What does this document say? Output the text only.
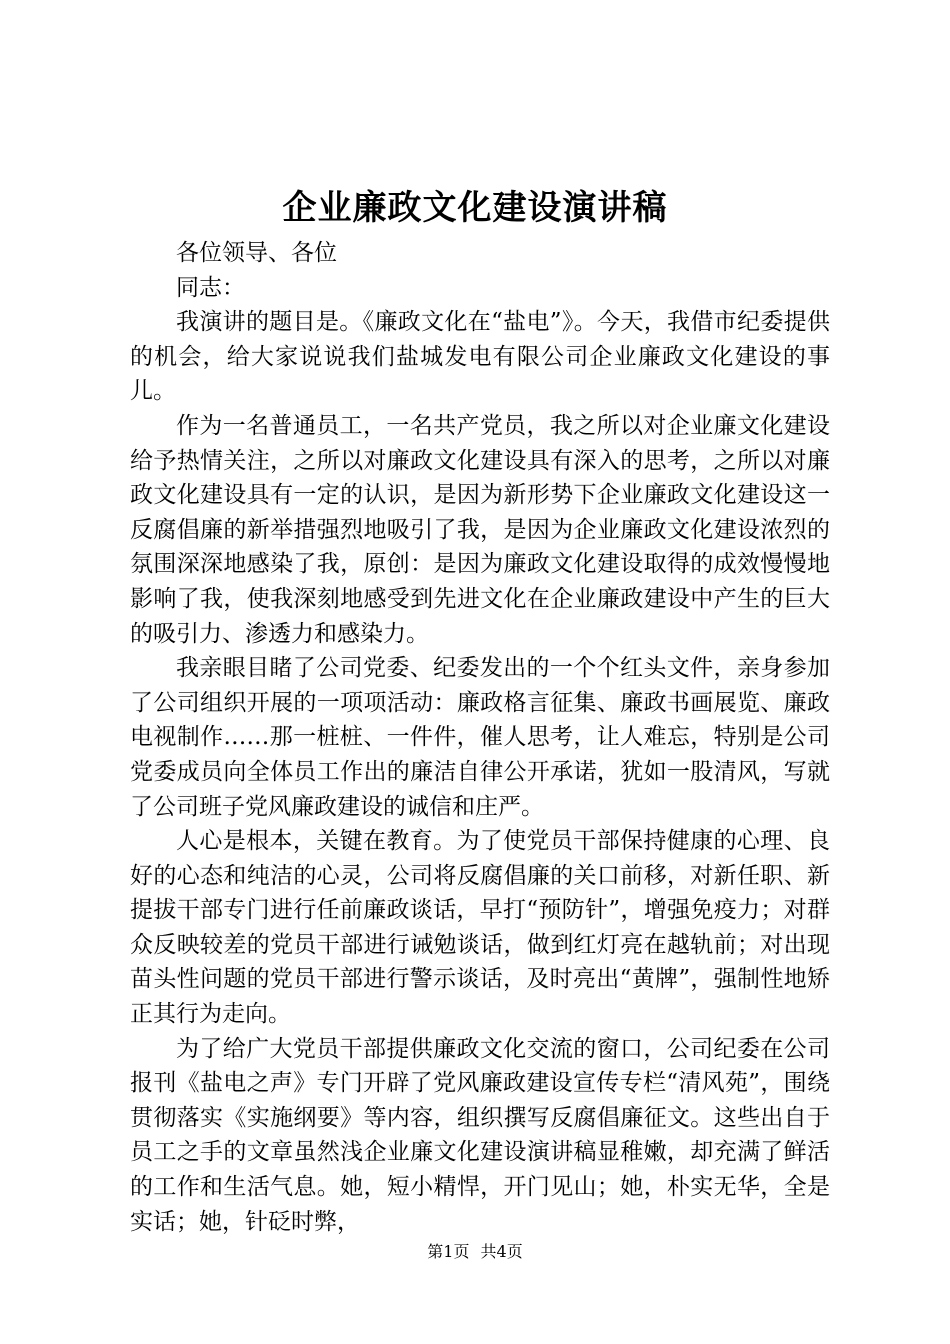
企业廉政文化建设演讲稿

各位领导、各位

同志：

我演讲的题目是。《廉政文化在“盐电”》。今天，我借市纪委提供的机会，给大家说说我们盐城发电有限公司企业廉政文化建设的事儿。

作为一名普通员工，一名共产党员，我之所以对企业廉文化建设给予热情关注，之所以对廉政文化建设具有深入的思考，之所以对廉政文化建设具有一定的认识，是因为新形势下企业廉政文化建设这一反腐倡廉的新举措强烈地吸引了我，是因为企业廉政文化建设浓烈的氛围深深地感染了我，原创：是因为廉政文化建设取得的成效慢慢地影响了我，使我深刻地感受到先进文化在企业廉政建设中产生的巨大的吸引力、渗透力和感染力。

我亲眼目睹了公司党委、纪委发出的一个个红头文件，亲身参加了公司组织开展的一项项活动：廉政格言征集、廉政书画展览、廉政电视制作……那一桩桩、一件件，催人思考，让人难忘，特别是公司党委成员向全体员工作出的廉洁自律公开承诺，犹如一股清风，写就了公司班子党风廉政建设的诚信和庄严。

人心是根本，关键在教育。为了使党员干部保持健康的心理、良好的心态和纯洁的心灵，公司将反腐倡廉的关口前移，对新任职、新提拔干部专门进行任前廉政谈话，早打“预防针”，增强免疫力；对群众反映较差的党员干部进行诫勉谈话，做到红灯亮在越轨前；对出现苗头性问题的党员干部进行警示谈话，及时亮出“黄牌”，强制性地矫正其行为走向。

为了给广大党员干部提供廉政文化交流的窗口，公司纪委在公司报刊《盐电之声》专门开辟了党风廉政建设宣传专栏“清风苑”，围绕贯彻落实《实施纲要》等内容，组织撰写反腐倡廉征文。这些出自于员工之手的文章虽然浅企业廉文化建设演讲稿显稚嫩，却充满了鲜活的工作和生活气息。她，短小精悍，开门见山；她，朴实无华，全是实话；她，针砭时弊，

第1页 共4页
